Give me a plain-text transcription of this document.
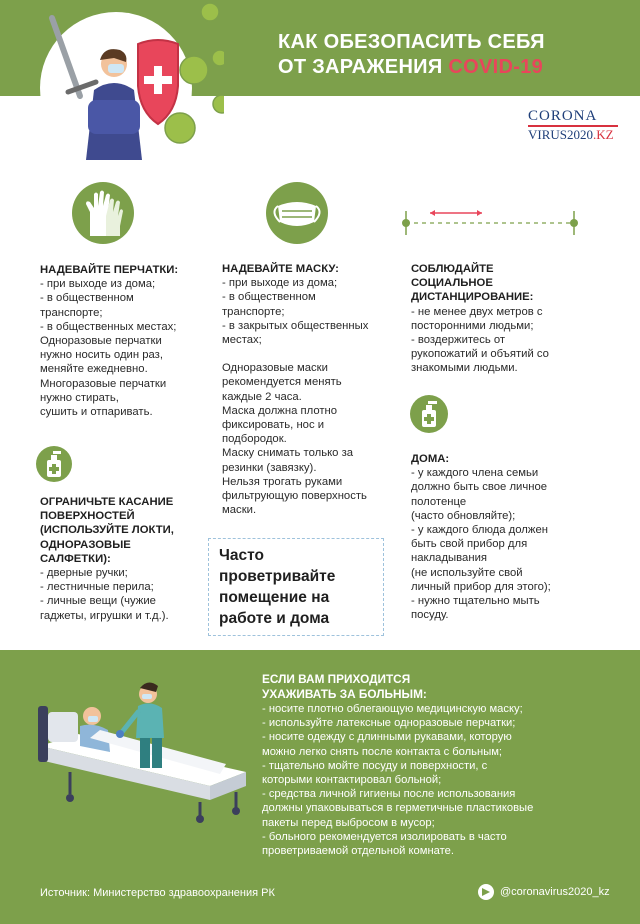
КАК ОБЕЗОПАСИТЬ СЕБЯ
ОТ ЗАРАЖЕНИЯ COVID-19
CORONA
VIRUS2020.KZ

НАДЕВАЙТЕ ПЕРЧАТКИ:

- при выходе из дома;

- в общественном

транспорте;

- в общественных местах;

Одноразовые перчатки

нужно носить один раз,

меняйте ежедневно.

Многоразовые перчатки

нужно стирать,

сушить и отпаривать.

ОГРАНИЧЬТЕ КАСАНИЕ

ПОВЕРХНОСТЕЙ

(ИСПОЛЬЗУЙТЕ ЛОКТИ,

ОДНОРАЗОВЫЕ

САЛФЕТКИ):

- дверные ручки;

- лестничные перила;

- личные вещи (чужие

гаджеты, игрушки и т.д.).

НАДЕВАЙТЕ МАСКУ:

- при выходе из дома;

- в общественном

транспорте;

- в закрытых общественных

местах;

Одноразовые маски

рекомендуется менять

каждые 2 часа.

Маска должна плотно

фиксировать, нос и

подбородок.

Маску снимать только за

резинки (завязку).

Нельзя трогать руками

фильтрующую поверхность

маски.

Часто
проветривайте
помещение на
работе и дома

СОБЛЮДАЙТЕ

СОЦИАЛЬНОЕ

ДИСТАНЦИРОВАНИЕ:

- не менее двух метров с

посторонними людьми;

- воздержитесь от

рукопожатий и объятий со

знакомыми людьми.

ДОМА:

- у каждого члена семьи

должно быть свое личное

полотенце

(часто обновляйте);

- у каждого блюда должен

быть свой прибор для

накладывания

(не используйте свой

личный прибор для этого);

- нужно тщательно мыть

посуду.

ЕСЛИ ВАМ ПРИХОДИТСЯ

УХАЖИВАТЬ ЗА БОЛЬНЫМ:

- носите плотно облегающую медицинскую маску;

- используйте латексные одноразовые перчатки;

- носите одежду с длинными рукавами, которую

можно легко снять после контакта с больным;

- тщательно мойте посуду и поверхности, с

которыми контактировал больной;

- средства личной гигиены после использования

должны упаковываться в герметичные пластиковые

пакеты перед выбросом в мусор;

- больного рекомендуется изолировать в часто

проветриваемой отдельной комнате.

Источник: Министерство здравоохранения РК	@coronavirus2020_kz
